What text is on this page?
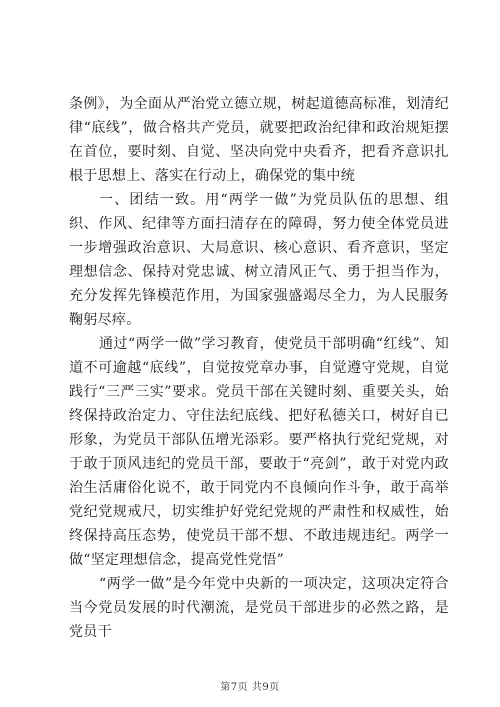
条例》，为全面从严治党立德立规，树起道德高标准，划清纪律“底线”，做合格共产党员，就要把政治纪律和政治规矩摆在首位，要时刻、自觉、坚决向党中央看齐，把看齐意识扎根于思想上、落实在行动上，确保党的集中统

一、团结一致。用“两学一做”为党员队伍的思想、组织、作风、纪律等方面扫清存在的障碍，努力使全体党员进一步增强政治意识、大局意识、核心意识、看齐意识，坚定理想信念、保持对党忠诚、树立清风正气、勇于担当作为，充分发挥先锋模范作用，为国家强盛竭尽全力，为人民服务鞠躬尽瘁。

通过“两学一做”学习教育，使党员干部明确“红线”、知道不可逾越“底线”，自觉按党章办事，自觉遵守党规，自觉践行“三严三实”要求。党员干部在关键时刻、重要关头，始终保持政治定力、守住法纪底线、把好私德关口，树好自已形象，为党员干部队伍增光添彩。要严格执行党纪党规，对于敢于顶风违纪的党员干部，要敢于“亮剑”，敢于对党内政治生活庸俗化说不，敢于同党内不良倾向作斗争，敢于高举党纪党规戒尺，切实维护好党纪党规的严肃性和权威性，始终保持高压态势，使党员干部不想、不敢违规违纪。两学一做“坚定理想信念，提高党性党悟”

“两学一做”是今年党中央新的一项决定，这项决定符合当今党员发展的时代潮流，是党员干部进步的必然之路，是党员干

第7页 共9页
